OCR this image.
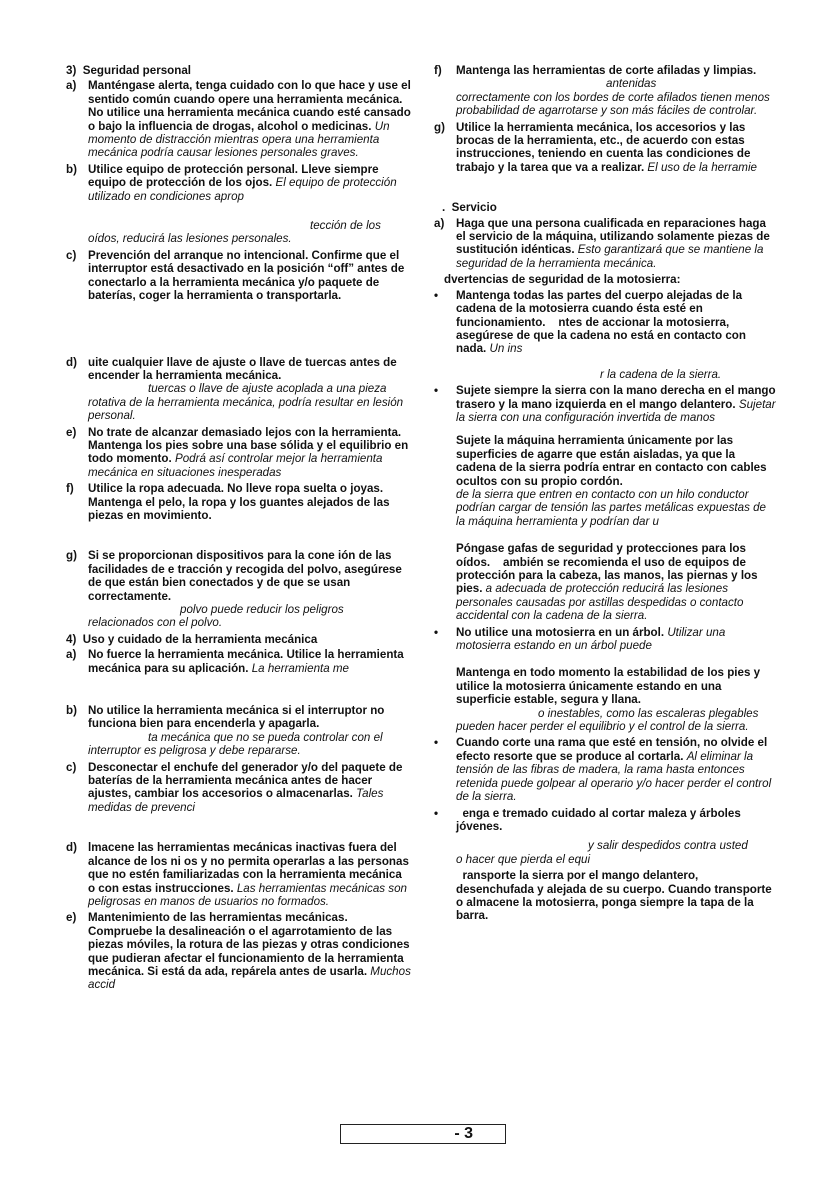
3)  Seguridad personal
a)	Manténgase alerta, tenga cuidado con lo que hace y use el sentido común cuando opere una herramienta mecánica. No utilice una herramienta mecánica cuando esté cansado o bajo la influencia de drogas, alcohol o medicinas. Un momento de distracción mientras opera una herramienta mecánica podría causar lesiones personales graves.
b) Utilice equipo de protección personal. Lleve siempre equipo de protección de los ojos. El equipo de protección utilizado en condiciones aprop
tección de los
oídos, reducirá las lesiones personales.
c)	Prevención del arranque no intencional. Confirme que el interruptor está desactivado en la posición “off” antes de conectarlo a la herramienta mecánica y/o paquete de baterías, coger la herramienta o transportarla.
d) uite cualquier llave de ajuste o llave de tuercas antes de encender la herramienta mecánica.
tuercas o llave de ajuste acoplada a una pieza rotativa de la herramienta mecánica, podría resultar en lesión personal.
e)	No trate de alcanzar demasiado lejos con la herramienta. Mantenga los pies sobre una base sólida y el equilibrio en todo momento. Podrá así controlar mejor la herramienta mecánica en situaciones inesperadas
f)	Utilice la ropa adecuada. No lleve ropa suelta o joyas. Mantenga el pelo, la ropa y los guantes alejados de las piezas en movimiento.
g) Si se proporcionan dispositivos para la cone ión de las facilidades de e tracción y recogida del polvo, asegúrese de que están bien conectados y de que se usan correctamente.
polvo puede reducir los peligros relacionados con el polvo.
4)  Uso y cuidado de la herramienta mecánica
a)	No fuerce la herramienta mecánica. Utilice la herramienta mecánica para su aplicación. La herramienta me
b) No utilice la herramienta mecánica si el interruptor no funciona bien para encenderla y apagarla.
ta mecánica que no se pueda controlar con el interruptor es peligrosa y debe repararse.
c)	Desconectar el enchufe del generador y/o del paquete de baterías de la herramienta mecánica antes de hacer ajustes, cambiar los accesorios o almacenarlas. Tales medidas de prevenci
d) lmacene las herramientas mecánicas inactivas fuera del alcance de los ni os y no permita operarlas a las personas que no estén familiarizadas con la herramienta mecánica o con estas instrucciones. Las herramientas mecánicas son peligrosas en manos de usuarios no formados.
e)	Mantenimiento de las herramientas mecánicas. Compruebe la desalineación o el agarrotamiento de las piezas móviles, la rotura de las piezas y otras condiciones que pudieran afectar el funcionamiento de la herramienta mecánica. Si está da ada, repárela antes de usarla. Muchos accid
f)	Mantenga las herramientas de corte afiladas y limpias. antenidas
correctamente con los bordes de corte afilados tienen menos probabilidad de agarrotarse y son más fáciles de controlar.
g) Utilice la herramienta mecánica, los accesorios y las brocas de la herramienta, etc., de acuerdo con estas instrucciones, teniendo en cuenta las condiciones de trabajo y la tarea que va a realizar. El uso de la herramie
.  Servicio
a)	Haga que una persona cualificada en reparaciones haga el servicio de la máquina, utilizando solamente piezas de sustitución idénticas. Esto garantizará que se mantiene la seguridad de la herramienta mecánica.
dvertencias de seguridad de la motosierra:
•	Mantenga todas las partes del cuerpo alejadas de la cadena de la motosierra cuando ésta esté en funcionamiento.    ntes de accionar la motosierra, asegúrese de que la cadena no está en contacto con nada. Un ins
r la cadena de la sierra.
•	Sujete siempre la sierra con la mano derecha en el mango trasero y la mano izquierda en el mango delantero. Sujetar la sierra con una configuración invertida de manos
Sujete la máquina herramienta únicamente por las superficies de agarre que están aisladas, ya que la cadena de la sierra podría entrar en contacto con cables ocultos con su propio cordón.
de la sierra que entren en contacto con un hilo conductor podrían cargar de tensión las partes metálicas expuestas de la máquina herramienta y podrían dar u
Póngase gafas de seguridad y protecciones para los oídos.    ambién se recomienda el uso de equipos de protección para la cabeza, las manos, las piernas y los pies. a adecuada de protección reducirá las lesiones personales causadas por astillas despedidas o contacto accidental con la cadena de la sierra.
•	No utilice una motosierra en un árbol. Utilizar una motosierra estando en un árbol puede
Mantenga en todo momento la estabilidad de los pies y utilice la motosierra únicamente estando en una superficie estable, segura y llana.
o inestables, como las escaleras plegables pueden hacer perder el equilibrio y el control de la sierra.
•	Cuando corte una rama que esté en tensión, no olvide el efecto resorte que se produce al cortarla. Al eliminar la tensión de las fibras de madera, la rama hasta entonces retenida puede golpear al operario y/o hacer perder el control de la sierra.
•	enga e tremado cuidado al cortar maleza y árboles jóvenes.
y salir despedidos contra usted
o hacer que pierda el equi
ransporte la sierra por el mango delantero, desenchufada y alejada de su cuerpo. Cuando transporte o almacene la motosierra, ponga siempre la tapa de la barra.
- 3
